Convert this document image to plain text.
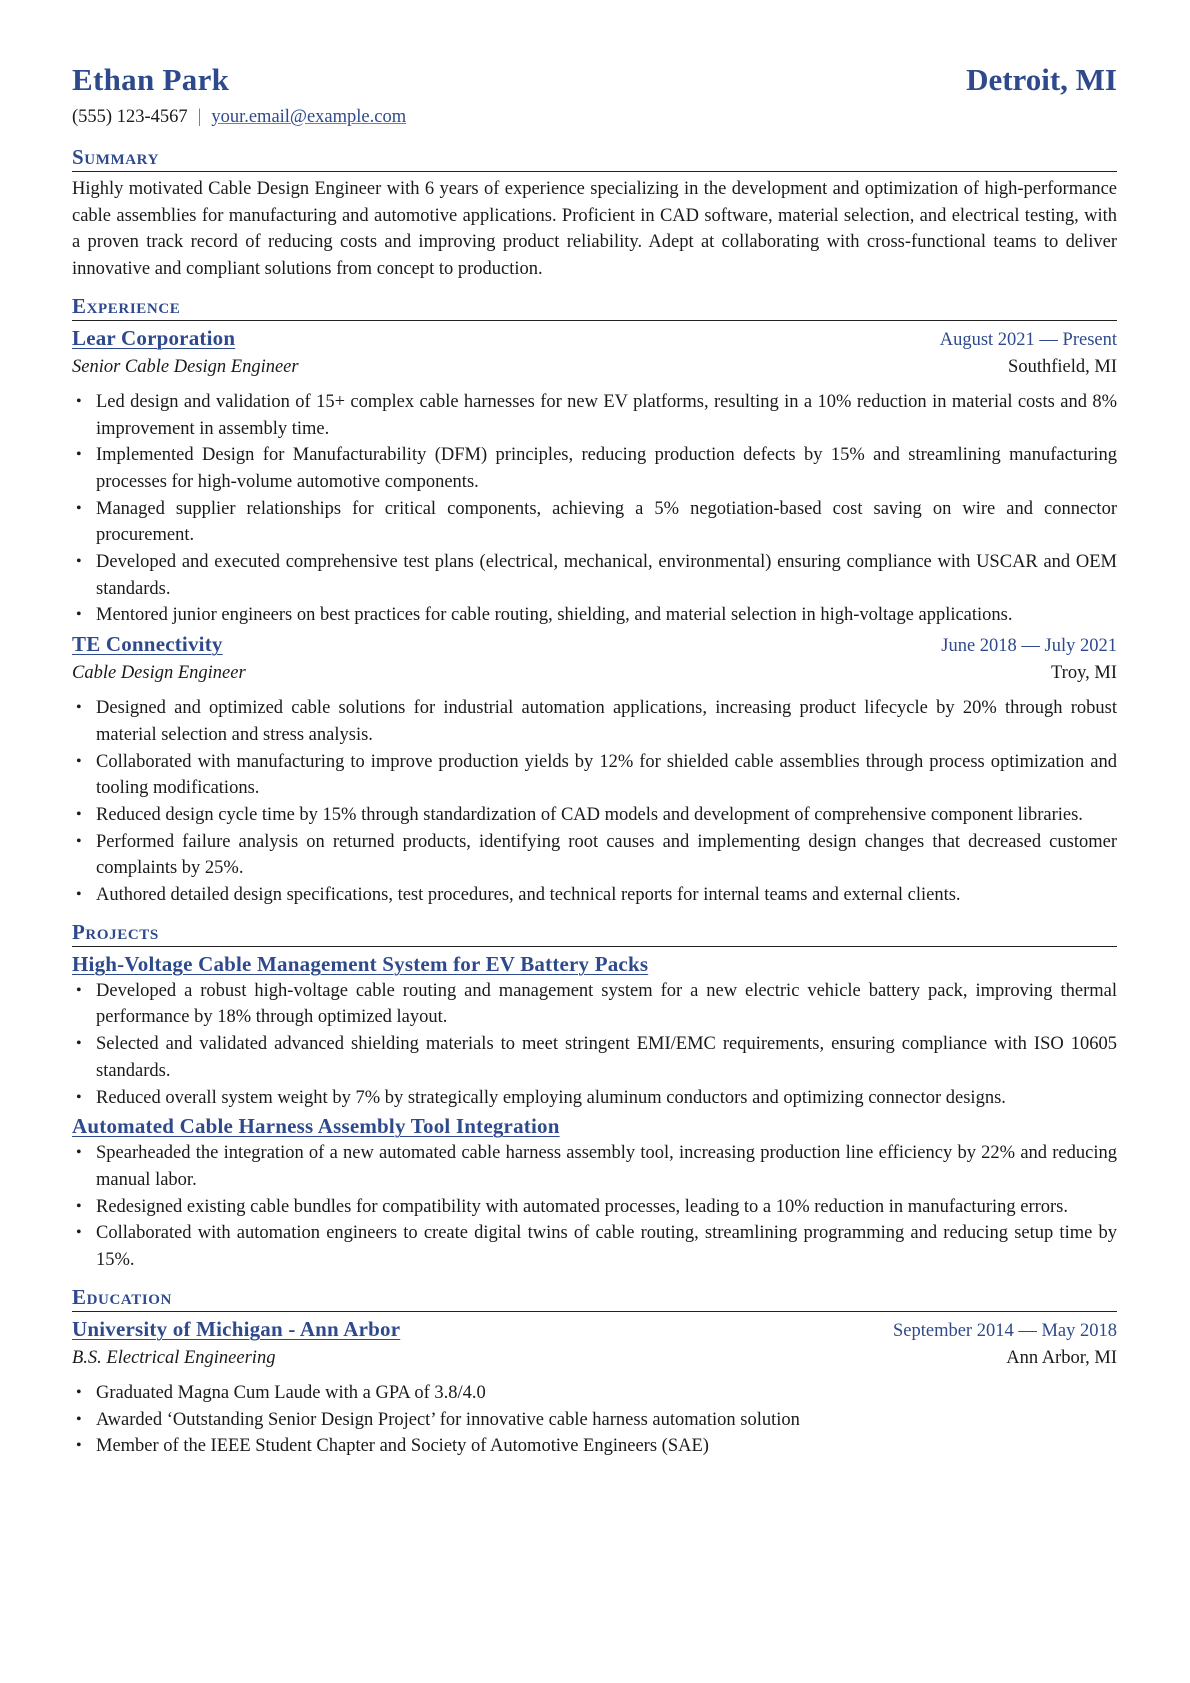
Ethan Park	Detroit, MI
(555) 123-4567 | your.email@example.com
Summary

Highly motivated Cable Design Engineer with 6 years of experience specializing in the development and optimization of high-performance cable assemblies for manufacturing and automotive applications. Proficient in CAD software, material selection, and electrical testing, with a proven track record of reducing costs and improving product reliability. Adept at collaborating with cross-functional teams to deliver innovative and compliant solutions from concept to production.

Experience
Lear Corporation	August 2021 — Present
Senior Cable Design Engineer	Southfield, MI
• Led design and validation of 15+ complex cable harnesses for new EV platforms, resulting in a 10% reduction in material costs and 8% improvement in assembly time.
• Implemented Design for Manufacturability (DFM) principles, reducing production defects by 15% and streamlining manufacturing processes for high-volume automotive components.
• Managed supplier relationships for critical components, achieving a 5% negotiation-based cost saving on wire and connector procurement.
• Developed and executed comprehensive test plans (electrical, mechanical, environmental) ensuring compliance with USCAR and OEM standards.
• Mentored junior engineers on best practices for cable routing, shielding, and material selection in high-voltage applications.
TE Connectivity	June 2018 — July 2021
Cable Design Engineer	Troy, MI
• Designed and optimized cable solutions for industrial automation applications, increasing product lifecycle by 20% through robust material selection and stress analysis.
• Collaborated with manufacturing to improve production yields by 12% for shielded cable assemblies through process optimization and tooling modifications.
• Reduced design cycle time by 15% through standardization of CAD models and development of comprehensive component libraries.
• Performed failure analysis on returned products, identifying root causes and implementing design changes that decreased customer complaints by 25%.
• Authored detailed design specifications, test procedures, and technical reports for internal teams and external clients.
Projects
High-Voltage Cable Management System for EV Battery Packs
• Developed a robust high-voltage cable routing and management system for a new electric vehicle battery pack, improving thermal performance by 18% through optimized layout.
• Selected and validated advanced shielding materials to meet stringent EMI/EMC requirements, ensuring compliance with ISO 10605 standards.
• Reduced overall system weight by 7% by strategically employing aluminum conductors and optimizing connector designs.
Automated Cable Harness Assembly Tool Integration
• Spearheaded the integration of a new automated cable harness assembly tool, increasing production line efficiency by 22% and reducing manual labor.
• Redesigned existing cable bundles for compatibility with automated processes, leading to a 10% reduction in manufacturing errors.
• Collaborated with automation engineers to create digital twins of cable routing, streamlining programming and reducing setup time by 15%.
Education
University of Michigan - Ann Arbor	September 2014 — May 2018
B.S. Electrical Engineering	Ann Arbor, MI
• Graduated Magna Cum Laude with a GPA of 3.8/4.0
• Awarded ‘Outstanding Senior Design Project’ for innovative cable harness automation solution
• Member of the IEEE Student Chapter and Society of Automotive Engineers (SAE)
